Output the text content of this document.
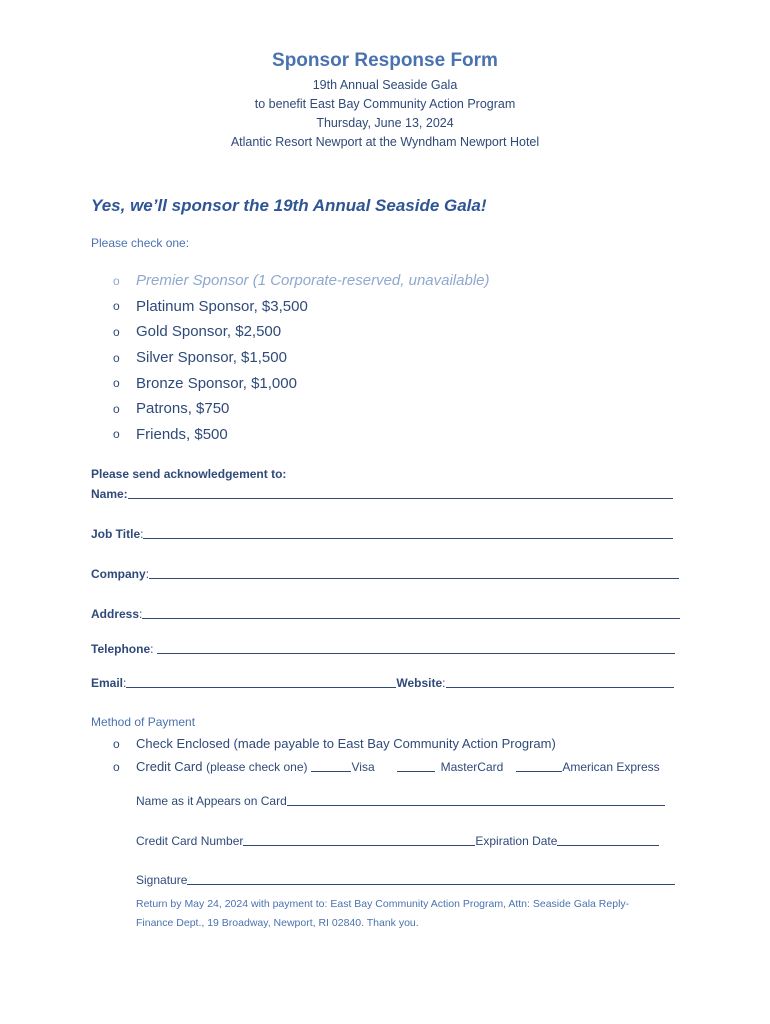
Sponsor Response Form
19th Annual Seaside Gala
to benefit East Bay Community Action Program
Thursday, June 13, 2024
Atlantic Resort Newport at the Wyndham Newport Hotel
Yes, we’ll sponsor the 19th Annual Seaside Gala!
Please check one:
o	Premier Sponsor (1 Corporate-reserved, unavailable)
o	Platinum Sponsor, $3,500
o	Gold Sponsor, $2,500
o	Silver Sponsor, $1,500
o	Bronze Sponsor, $1,000
o	Patrons, $750
o	Friends, $500
Please send acknowledgement to:
Name:
Job Title :
Company :
Address :
Telephone :
Email :	Website :
Method of Payment
o	Check Enclosed (made payable to East Bay Community Action Program)
o	Credit Card
(please check one)	Visa	MasterCard	American Express
Name as it Appears on Card
Credit Card Number	Expiration Date
Signature
Return by May 24, 2024 with payment to: East Bay Community Action Program, Attn: Seaside Gala Reply-
Finance Dept., 19 Broadway, Newport, RI 02840. Thank you.
